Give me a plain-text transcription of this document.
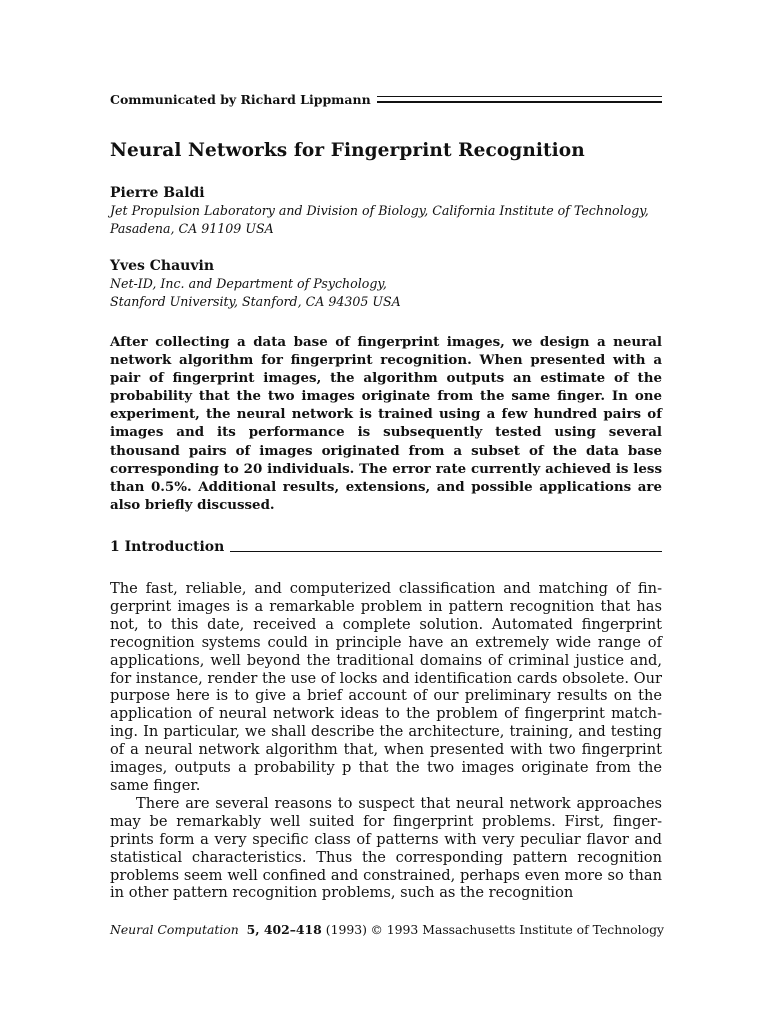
Communicated by Richard Lippmann
Neural Networks for Fingerprint Recognition
Pierre Baldi
Jet Propulsion Laboratory and Division of Biology, California Institute of Technology,
Pasadena, CA 91109 USA
Yves Chauvin
Net-ID, Inc. and Department of Psychology,
Stanford University, Stanford, CA 94305 USA

After collecting a data base of fingerprint images, we design a neural network algorithm for fingerprint recognition. When presented with a pair of fingerprint images, the algorithm outputs an estimate of the probability that the two images originate from the same finger. In one experiment, the neural network is trained using a few hundred pairs of images and its performance is subsequently tested using several thousand pairs of images originated from a subset of the data base corresponding to 20 individuals. The error rate currently achieved is less than 0.5%. Additional results, extensions, and possible applications are also briefly discussed.

1 Introduction

The fast, reliable, and computerized classification and matching of fingerprint images is a remarkable problem in pattern recognition that has not, to this date, received a complete solution. Automated fingerprint recognition systems could in principle have an extremely wide range of applications, well beyond the traditional domains of criminal justice and, for instance, render the use of locks and identification cards obsolete. Our purpose here is to give a brief account of our preliminary results on the application of neural network ideas to the problem of fingerprint matching. In particular, we shall describe the architecture, training, and testing of a neural network algorithm that, when presented with two fingerprint images, outputs a probability p that the two images originate from the same finger.

There are several reasons to suspect that neural network approaches may be remarkably well suited for fingerprint problems. First, fingerprints form a very specific class of patterns with very peculiar flavor and statistical characteristics. Thus the corresponding pattern recognition problems seem well confined and constrained, perhaps even more so than in other pattern recognition problems, such as the recognition

Neural Computation 5, 402–418 (1993) © 1993 Massachusetts Institute of Technology
